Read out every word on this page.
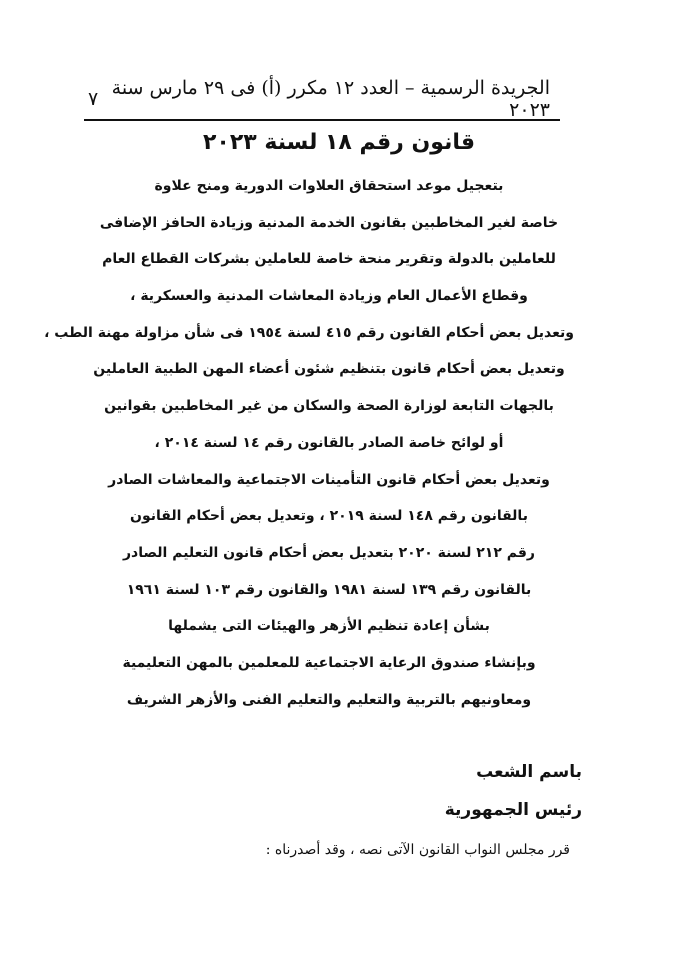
الجريدة الرسمية – العدد ١٢ مكرر (أ) فى ٢٩ مارس سنة ٢٠٢٣
٧
قانون رقم ١٨ لسنة ٢٠٢٣
بتعجيل موعد استحقاق العلاوات الدورية ومنح علاوة
خاصة لغير المخاطبين بقانون الخدمة المدنية وزيادة الحافز الإضافى
للعاملين بالدولة وتقرير منحة خاصة للعاملين بشركات القطاع العام
وقطاع الأعمال العام وزيادة المعاشات المدنية والعسكرية ،
وتعديل بعض أحكام القانون رقم ٤١٥ لسنة ١٩٥٤ فى شأن مزاولة مهنة الطب ،
وتعديل بعض أحكام قانون بتنظيم شئون أعضاء المهن الطبية العاملين
بالجهات التابعة لوزارة الصحة والسكان من غير المخاطبين بقوانين
أو لوائح خاصة الصادر بالقانون رقم ١٤ لسنة ٢٠١٤ ،
وتعديل بعض أحكام قانون التأمينات الاجتماعية والمعاشات الصادر
بالقانون رقم ١٤٨ لسنة ٢٠١٩ ، وتعديل بعض أحكام القانون
رقم ٢١٢ لسنة ٢٠٢٠ بتعديل بعض أحكام قانون التعليم الصادر
بالقانون رقم ١٣٩ لسنة ١٩٨١ والقانون رقم ١٠٣ لسنة ١٩٦١
بشأن إعادة تنظيم الأزهر والهيئات التى يشملها
وبإنشاء صندوق الرعاية الاجتماعية للمعلمين بالمهن التعليمية
ومعاونيهم بالتربية والتعليم والتعليم الفنى والأزهر الشريف

باسم الشعب

رئيس الجمهورية

قرر مجلس النواب القانون الآتى نصه ، وقد أصدرناه :
